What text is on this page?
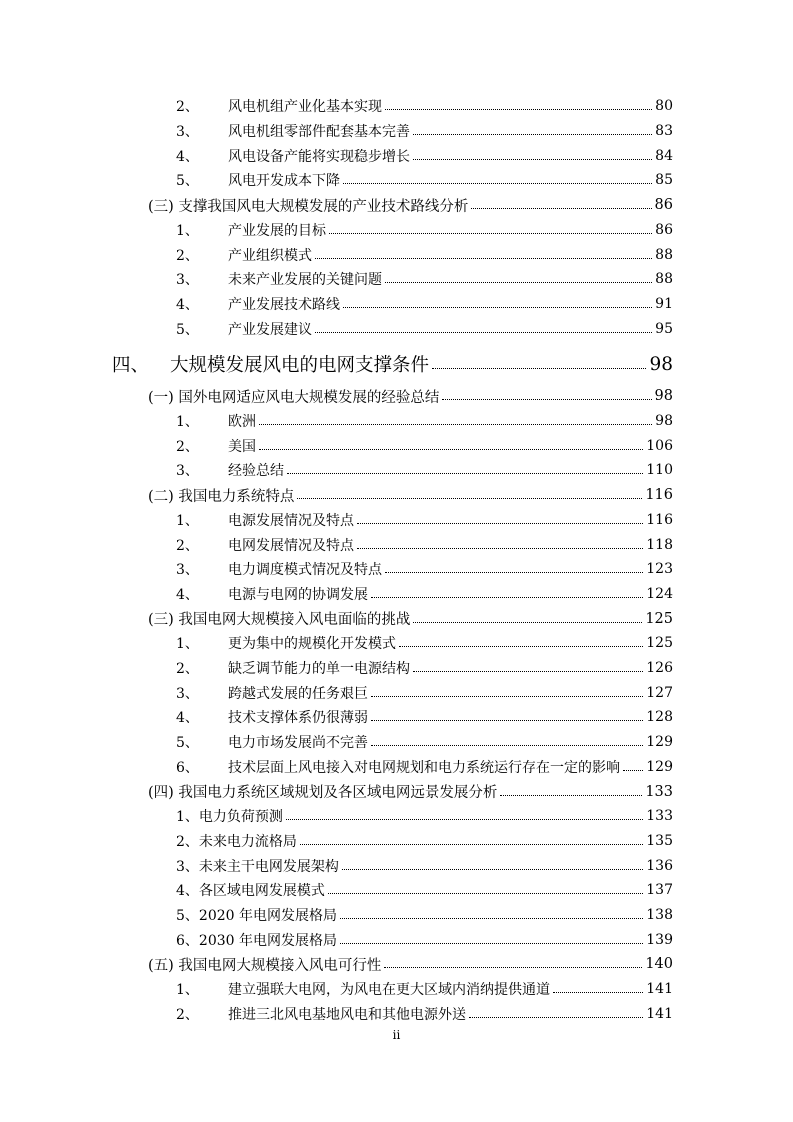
2、	风电机组产业化基本实现	80
3、	风电机组零部件配套基本完善	83
4、	风电设备产能将实现稳步增长	84
5、	风电开发成本下降	85
(三) 支撑我国风电大规模发展的产业技术路线分析	86
1、	产业发展的目标	86
2、	产业组织模式	88
3、	未来产业发展的关键问题	88
4、	产业发展技术路线	91
5、	产业发展建议	95
四、	大规模发展风电的电网支撑条件	98
(一) 国外电网适应风电大规模发展的经验总结	98
1、	欧洲	98
2、	美国	106
3、	经验总结	110
(二) 我国电力系统特点	116
1、	电源发展情况及特点	116
2、	电网发展情况及特点	118
3、	电力调度模式情况及特点	123
4、	电源与电网的协调发展	124
(三) 我国电网大规模接入风电面临的挑战	125
1、	更为集中的规模化开发模式	125
2、	缺乏调节能力的单一电源结构	126
3、	跨越式发展的任务艰巨	127
4、	技术支撑体系仍很薄弱	128
5、	电力市场发展尚不完善	129
6、	技术层面上风电接入对电网规划和电力系统运行存在一定的影响 129
(四) 我国电力系统区域规划及各区域电网远景发展分析	133
1、电力负荷预测	133
2、未来电力流格局	135
3、未来主干电网发展架构	136
4、各区域电网发展模式	137
5、2020 年电网发展格局	138
6、2030 年电网发展格局	139
(五) 我国电网大规模接入风电可行性	140
1、	建立强联大电网，为风电在更大区域内消纳提供通道	141
2、	推进三北风电基地风电和其他电源外送	141
ii
